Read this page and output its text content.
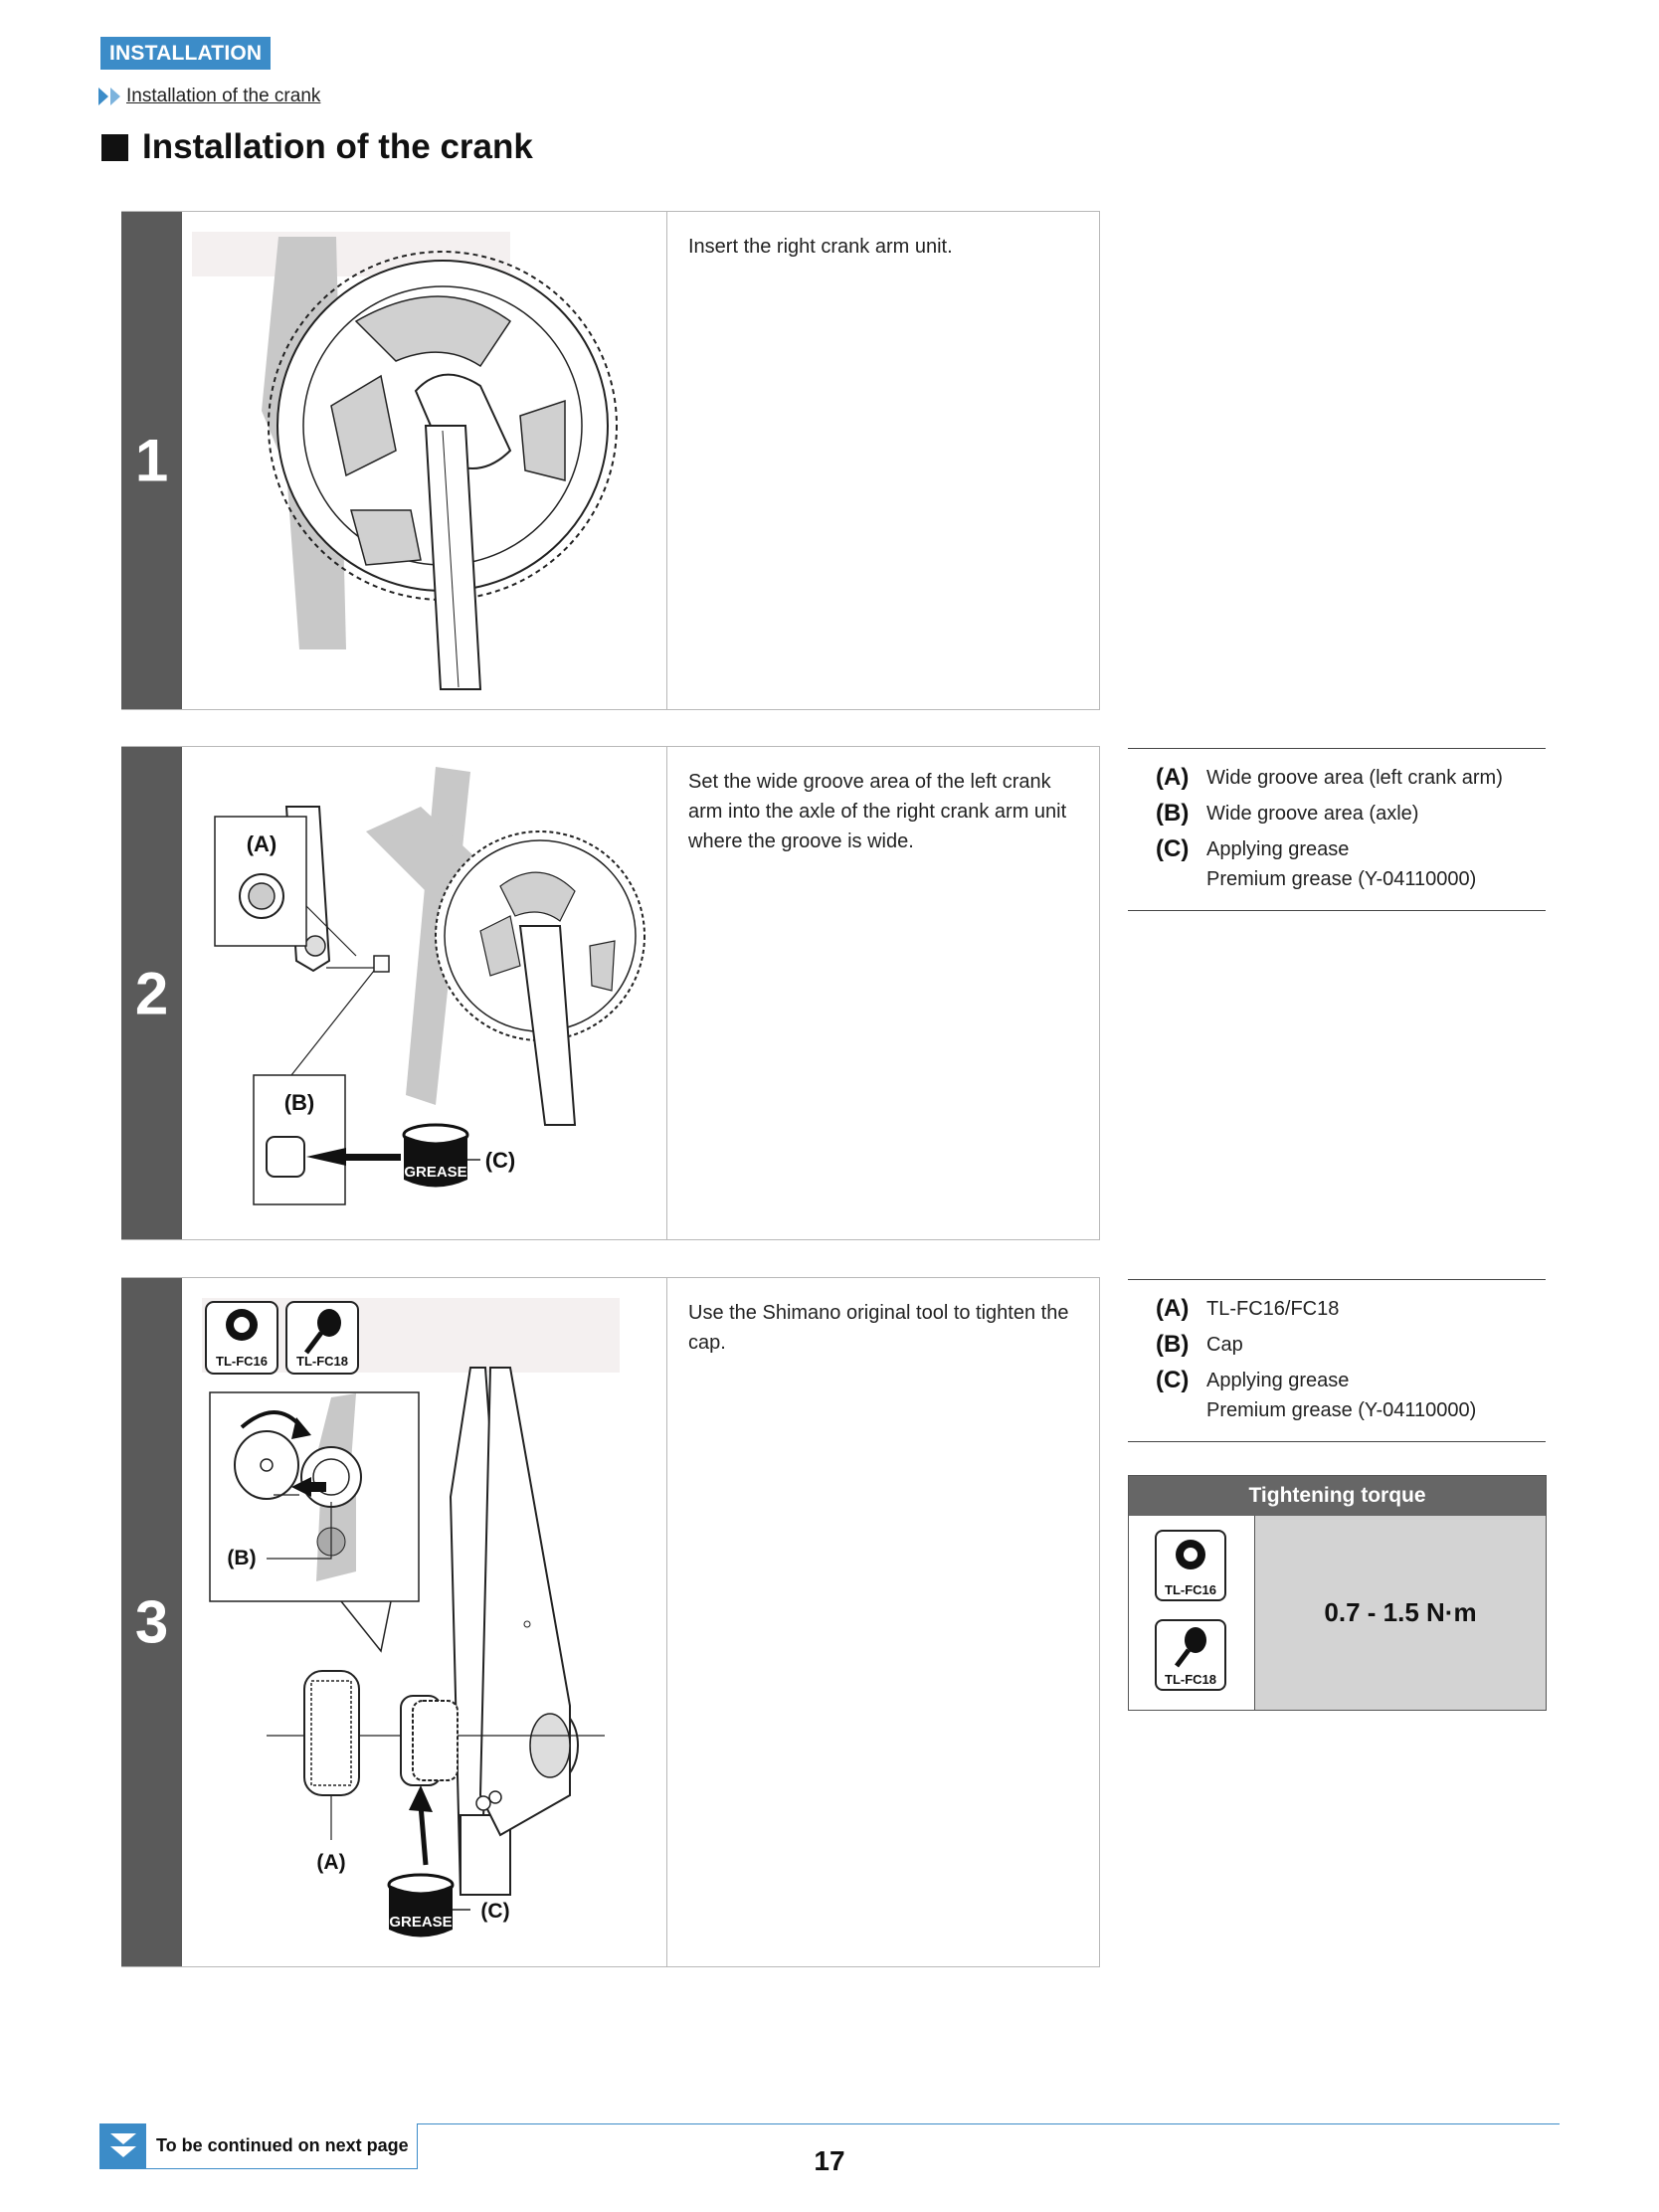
INSTALLATION
Installation of the crank
Installation of the crank
1
Insert the right crank arm unit.
2
(A)
(B)
GREASE (C)
Set the wide groove area of the left crank arm into the axle of the right crank arm unit where the groove is wide.
(A) Wide groove area (left crank arm)
(B) Wide groove area (axle)
(C) Applying grease
Premium grease (Y-04110000)
3
TL-FC16 TL-FC18
(B)
(A)
GREASE (C)
Use the Shimano original tool to tighten the cap.
(A) TL-FC16/FC18
(B) Cap
(C) Applying grease
Premium grease (Y-04110000)
Tightening torque
TL-FC16
TL-FC18
0.7 - 1.5 N·m
To be continued on next page	17
